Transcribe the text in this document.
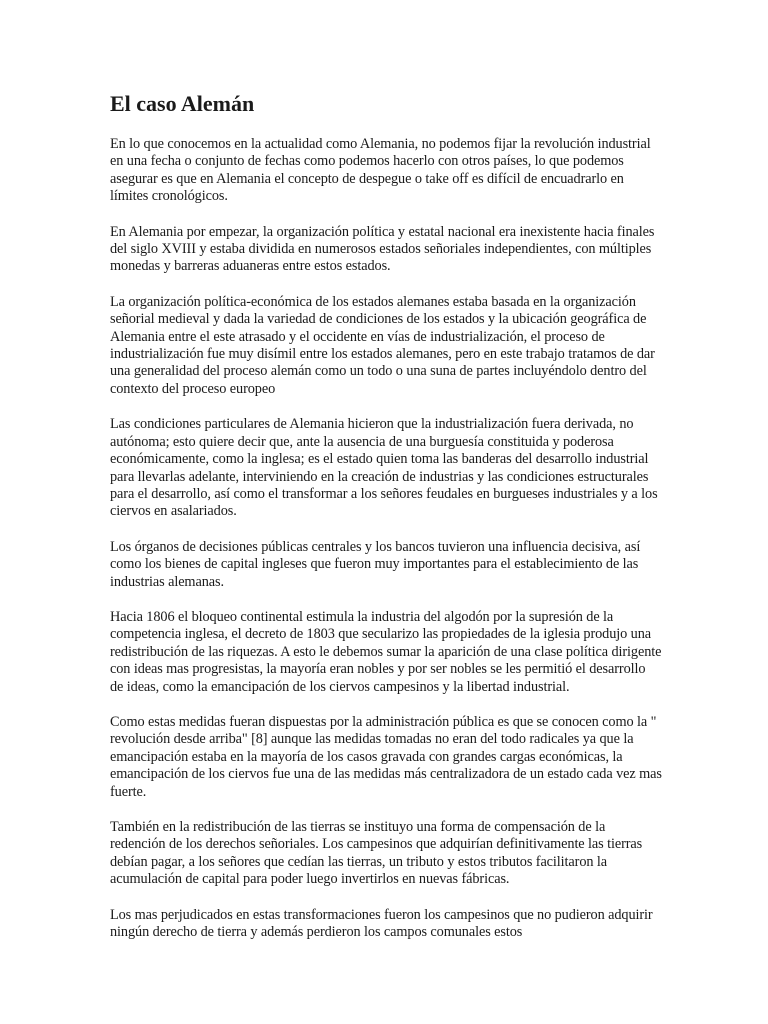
El caso Alemán

En lo que conocemos en la actualidad como Alemania, no podemos fijar la revolución industrial en una fecha o conjunto de fechas como podemos hacerlo con otros países, lo que podemos asegurar es que en Alemania el concepto de despegue o take off es difícil de encuadrarlo en límites cronológicos.

En Alemania por empezar, la organización política y estatal nacional era inexistente hacia finales del siglo XVIII y estaba dividida en numerosos estados señoriales independientes, con múltiples monedas y barreras aduaneras entre estos estados.

La organización política-económica de los estados alemanes estaba basada en la organización señorial medieval y dada la variedad de condiciones de los estados y la ubicación geográfica de Alemania entre el este atrasado y el occidente en vías de industrialización, el proceso de industrialización fue muy disímil entre los estados alemanes, pero en este trabajo tratamos de dar una generalidad del proceso alemán como un todo o una suna de partes incluyéndolo dentro del contexto del proceso europeo

Las condiciones particulares de Alemania hicieron que la industrialización fuera derivada, no autónoma; esto quiere decir que, ante la ausencia de una burguesía constituida y poderosa económicamente, como la inglesa; es el estado quien toma las banderas del desarrollo industrial para llevarlas adelante, interviniendo en la creación de industrias y las condiciones estructurales para el desarrollo, así como el transformar a los señores feudales en burgueses industriales y a los ciervos en asalariados.

Los órganos de decisiones públicas centrales y los bancos tuvieron una influencia decisiva, así como los bienes de capital ingleses que fueron muy importantes para el establecimiento de las industrias alemanas.

Hacia 1806 el bloqueo continental estimula la industria del algodón por la supresión de la competencia inglesa, el decreto de 1803 que secularizo las propiedades de la iglesia produjo una redistribución de las riquezas. A esto le debemos sumar la aparición de una clase política dirigente con ideas mas progresistas, la mayoría eran nobles y por ser nobles se les permitió el desarrollo de ideas, como la emancipación de los ciervos campesinos y la libertad industrial.

Como estas medidas fueran dispuestas por la administración pública es que se conocen como la " revolución desde arriba" [8] aunque las medidas tomadas no eran del todo radicales ya que la emancipación estaba en la mayoría de los casos gravada con grandes cargas económicas, la emancipación de los ciervos fue una de las medidas más centralizadora de un estado cada vez mas fuerte.

También en la redistribución de las tierras se instituyo una forma de compensación de la redención de los derechos señoriales. Los campesinos que adquirían definitivamente las tierras debían pagar, a los señores que cedían las tierras, un tributo y estos tributos facilitaron la acumulación de capital para poder luego invertirlos en nuevas fábricas.

Los mas perjudicados en estas transformaciones fueron los campesinos que no pudieron adquirir ningún derecho de tierra y además perdieron los campos comunales estos
